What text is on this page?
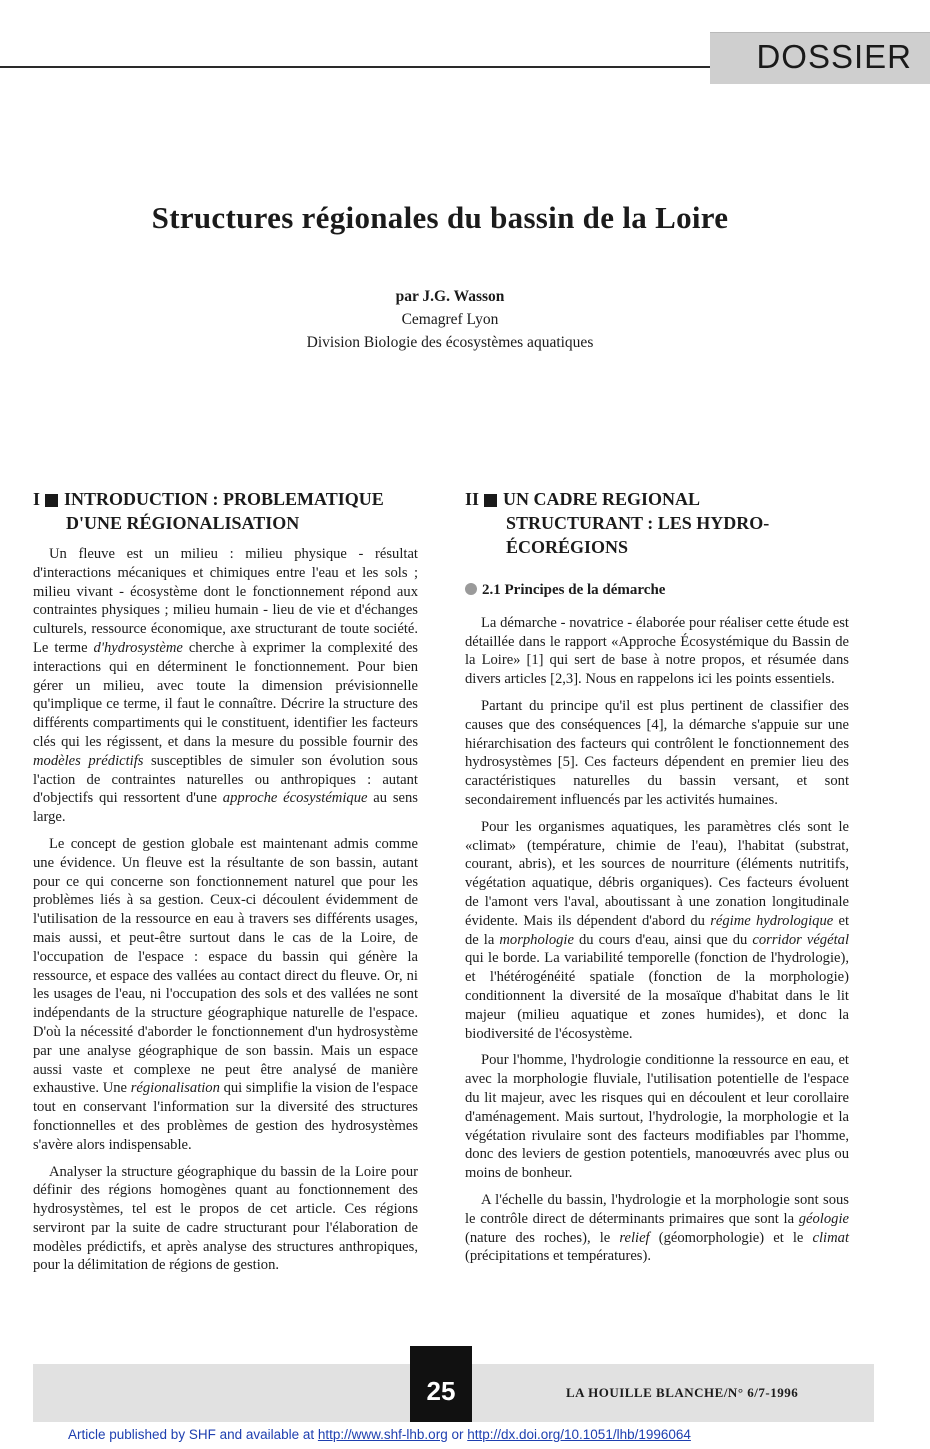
DOSSIER
Structures régionales du bassin de la Loire
par J.G. Wasson
Cemagref Lyon
Division Biologie des écosystèmes aquatiques
I INTRODUCTION : PROBLEMATIQUE
D'UNE RÉGIONALISATION

Un fleuve est un milieu : milieu physique - résultat d'interactions mécaniques et chimiques entre l'eau et les sols ; milieu vivant - écosystème dont le fonctionnement répond aux contraintes physiques ; milieu humain - lieu de vie et d'échanges culturels, ressource économique, axe structurant de toute société. Le terme d'hydrosystème cherche à exprimer la complexité des interactions qui en déterminent le fonctionnement. Pour bien gérer un milieu, avec toute la dimension prévisionnelle qu'implique ce terme, il faut le connaître. Décrire la structure des différents compartiments qui le constituent, identifier les facteurs clés qui les régissent, et dans la mesure du possible fournir des modèles prédictifs susceptibles de simuler son évolution sous l'action de contraintes naturelles ou anthropiques : autant d'objectifs qui ressortent d'une approche écosystémique au sens large.

Le concept de gestion globale est maintenant admis comme une évidence. Un fleuve est la résultante de son bassin, autant pour ce qui concerne son fonctionnement naturel que pour les problèmes liés à sa gestion. Ceux-ci découlent évidemment de l'utilisation de la ressource en eau à travers ses différents usages, mais aussi, et peut-être surtout dans le cas de la Loire, de l'occupation de l'espace : espace du bassin qui génère la ressource, et espace des vallées au contact direct du fleuve. Or, ni les usages de l'eau, ni l'occupation des sols et des vallées ne sont indépendants de la structure géographique naturelle de l'espace. D'où la nécessité d'aborder le fonctionnement d'un hydrosystème par une analyse géographique de son bassin. Mais un espace aussi vaste et complexe ne peut être analysé de manière exhaustive. Une régionalisation qui simplifie la vision de l'espace tout en conservant l'information sur la diversité des structures fonctionnelles et des problèmes de gestion des hydrosystèmes s'avère alors indispensable.

Analyser la structure géographique du bassin de la Loire pour définir des régions homogènes quant au fonctionnement des hydrosystèmes, tel est le propos de cet article. Ces régions serviront par la suite de cadre structurant pour l'élaboration de modèles prédictifs, et après analyse des structures anthropiques, pour la délimitation de régions de gestion.

II UN CADRE REGIONAL
STRUCTURANT : LES HYDRO-
ÉCORÉGIONS
2.1 Principes de la démarche

La démarche - novatrice - élaborée pour réaliser cette étude est détaillée dans le rapport «Approche Écosystémique du Bassin de la Loire» [1] qui sert de base à notre propos, et résumée dans divers articles [2,3]. Nous en rappelons ici les points essentiels.

Partant du principe qu'il est plus pertinent de classifier des causes que des conséquences [4], la démarche s'appuie sur une hiérarchisation des facteurs qui contrôlent le fonctionnement des hydrosystèmes [5]. Ces facteurs dépendent en premier lieu des caractéristiques naturelles du bassin versant, et sont secondairement influencés par les activités humaines.

Pour les organismes aquatiques, les paramètres clés sont le «climat» (température, chimie de l'eau), l'habitat (substrat, courant, abris), et les sources de nourriture (éléments nutritifs, végétation aquatique, débris organiques). Ces facteurs évoluent de l'amont vers l'aval, aboutissant à une zonation longitudinale évidente. Mais ils dépendent d'abord du régime hydrologique et de la morphologie du cours d'eau, ainsi que du corridor végétal qui le borde. La variabilité temporelle (fonction de l'hydrologie), et l'hétérogénéité spatiale (fonction de la morphologie) conditionnent la diversité de la mosaïque d'habitat dans le lit majeur (milieu aquatique et zones humides), et donc la biodiversité de l'écosystème.

Pour l'homme, l'hydrologie conditionne la ressource en eau, et avec la morphologie fluviale, l'utilisation potentielle de l'espace du lit majeur, avec les risques qui en découlent et leur corollaire d'aménagement. Mais surtout, l'hydrologie, la morphologie et la végétation rivulaire sont des facteurs modifiables par l'homme, donc des leviers de gestion potentiels, manoœuvrés avec plus ou moins de bonheur.

A l'échelle du bassin, l'hydrologie et la morphologie sont sous le contrôle direct de déterminants primaires que sont la géologie (nature des roches), le relief (géomorphologie) et le climat (précipitations et températures).

25	LA HOUILLE BLANCHE/N° 6/7-1996
Article published by SHF and available at http://www.shf-lhb.org or http://dx.doi.org/10.1051/lhb/1996064
